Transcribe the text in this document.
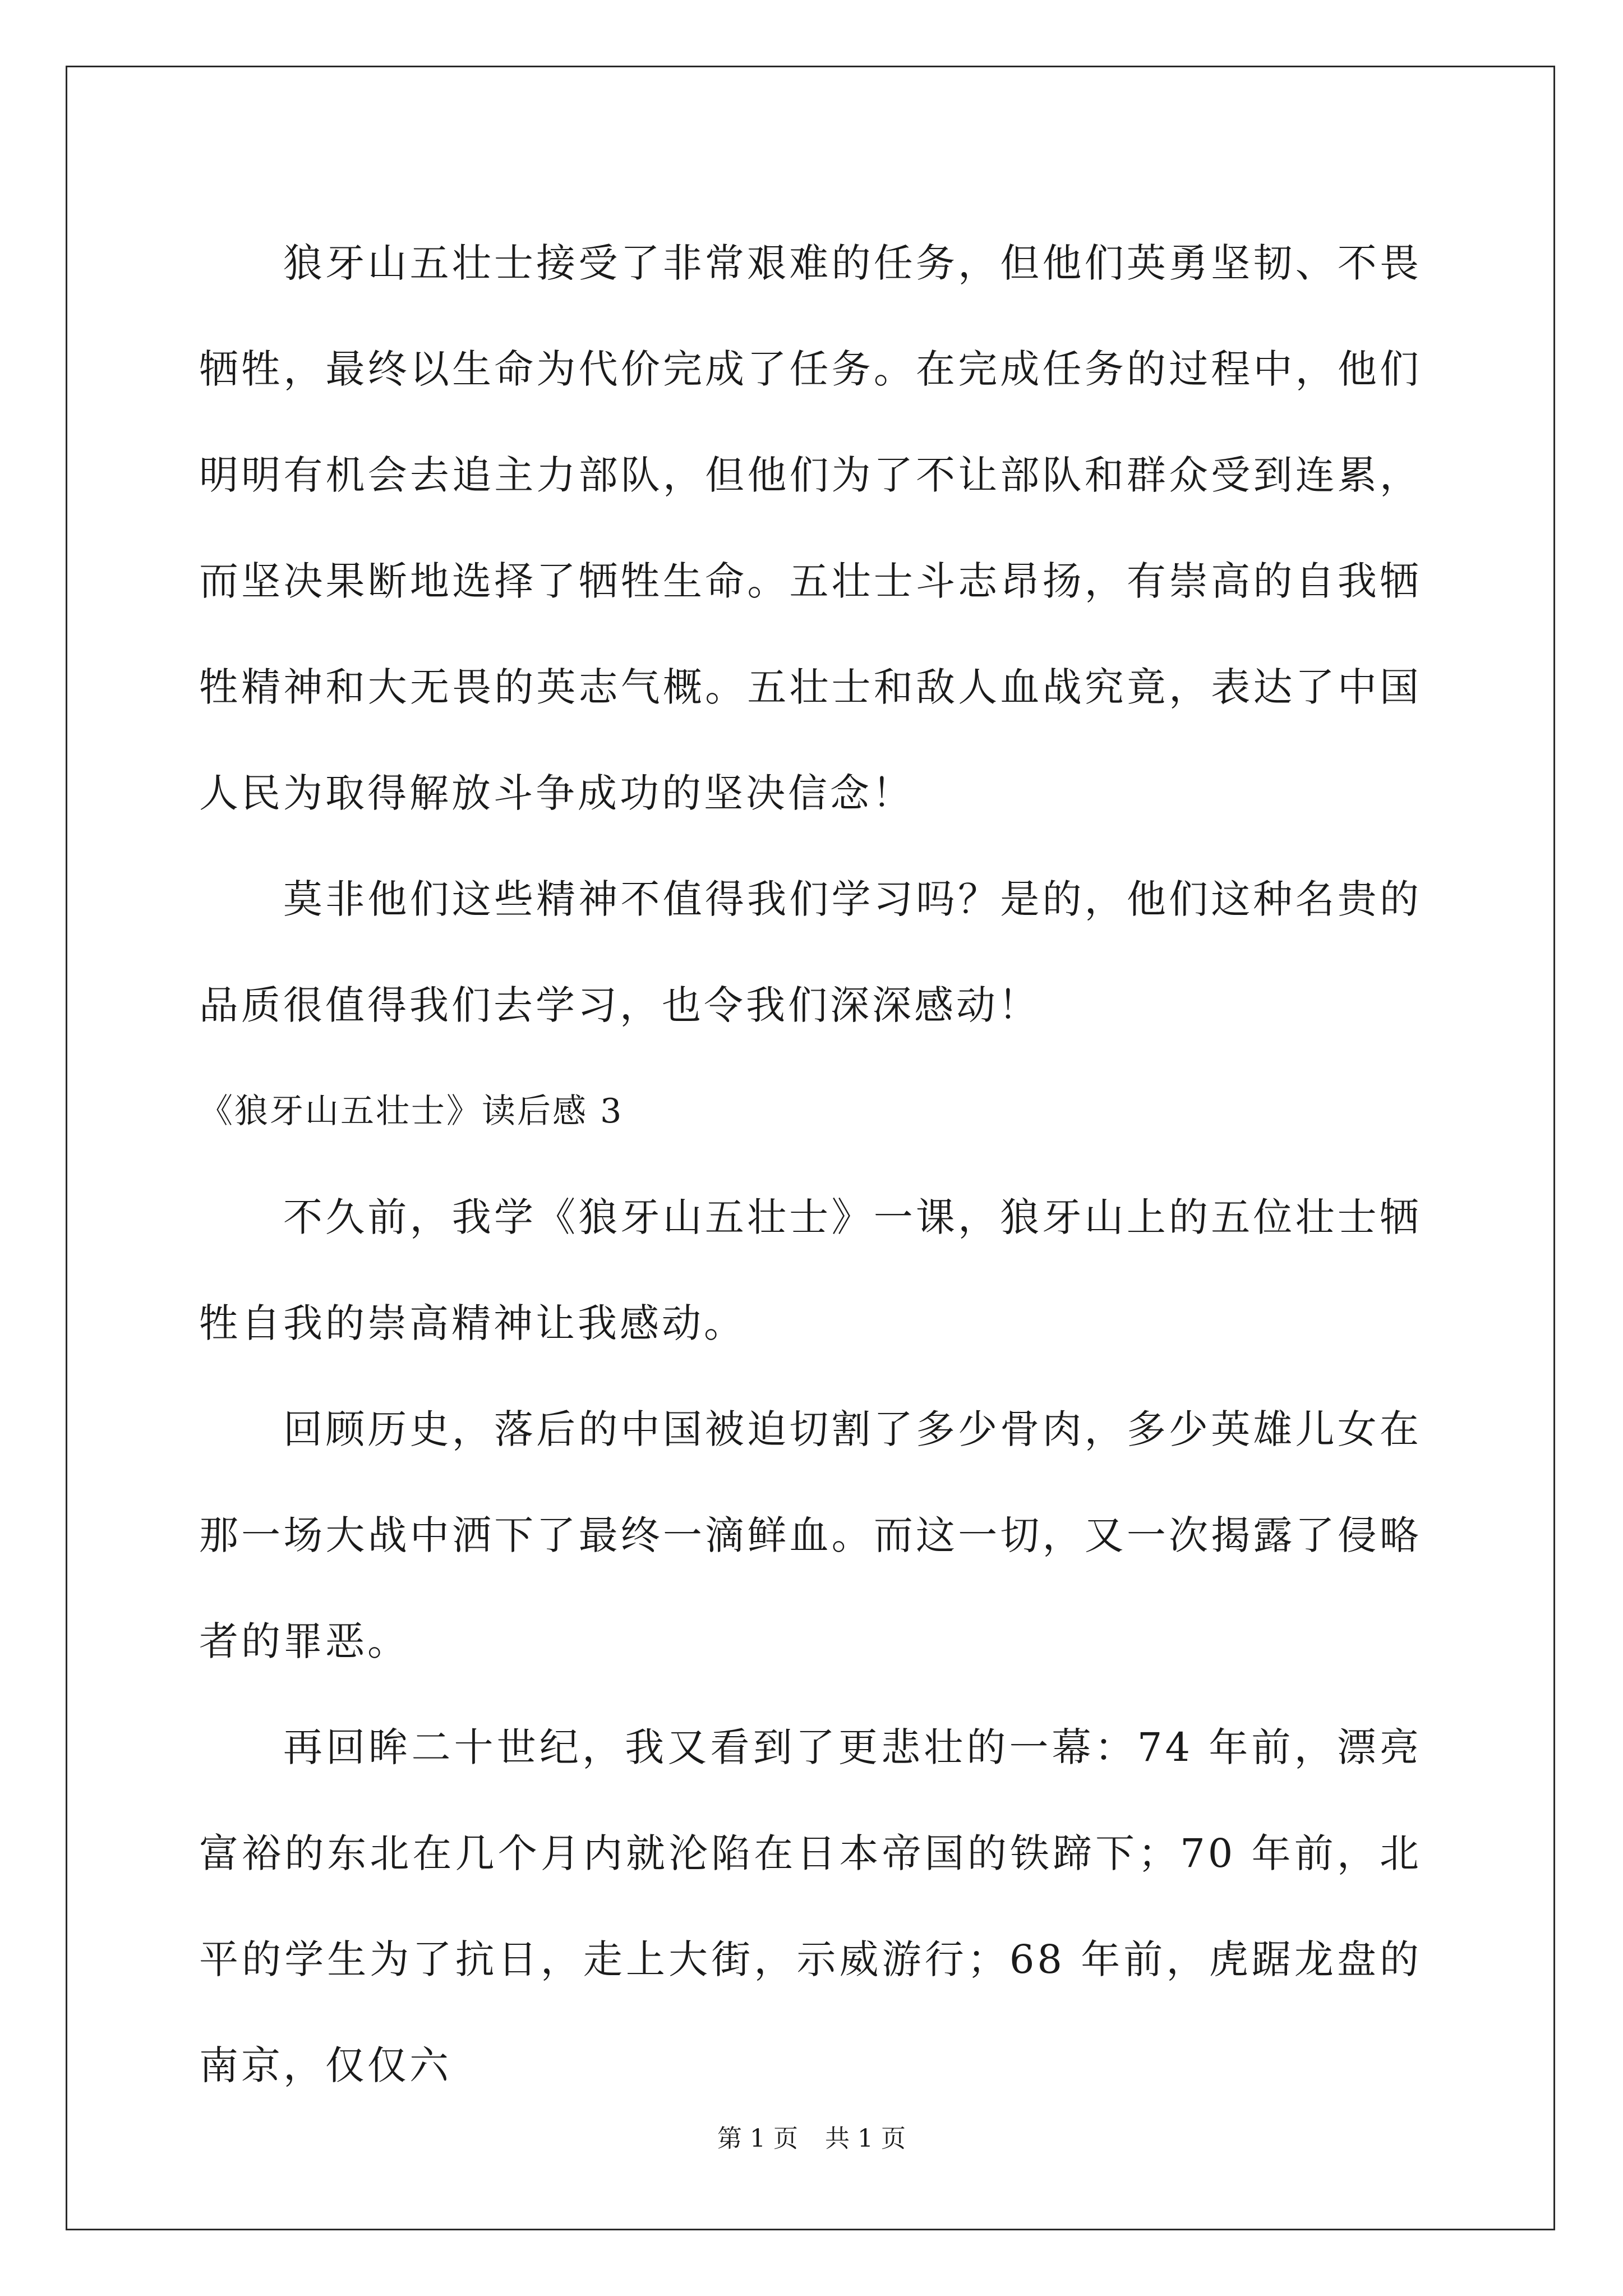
狼牙山五壮士接受了非常艰难的任务，但他们英勇坚韧、不畏牺牲，最终以生命为代价完成了任务。在完成任务的过程中，他们明明有机会去追主力部队，但他们为了不让部队和群众受到连累，而坚决果断地选择了牺牲生命。五壮士斗志昂扬，有崇高的自我牺牲精神和大无畏的英志气概。五壮士和敌人血战究竟，表达了中国人民为取得解放斗争成功的坚决信念！

莫非他们这些精神不值得我们学习吗？是的，他们这种名贵的品质很值得我们去学习，也令我们深深感动！

《狼牙山五壮士》读后感 3

不久前，我学《狼牙山五壮士》一课，狼牙山上的五位壮士牺牲自我的崇高精神让我感动。

回顾历史，落后的中国被迫切割了多少骨肉，多少英雄儿女在那一场大战中洒下了最终一滴鲜血。而这一切，又一次揭露了侵略者的罪恶。

再回眸二十世纪，我又看到了更悲壮的一幕：74 年前，漂亮富裕的东北在几个月内就沦陷在日本帝国的铁蹄下；70 年前，北平的学生为了抗日，走上大街，示威游行；68 年前，虎踞龙盘的南京，仅仅六

第 1 页 共 1 页
